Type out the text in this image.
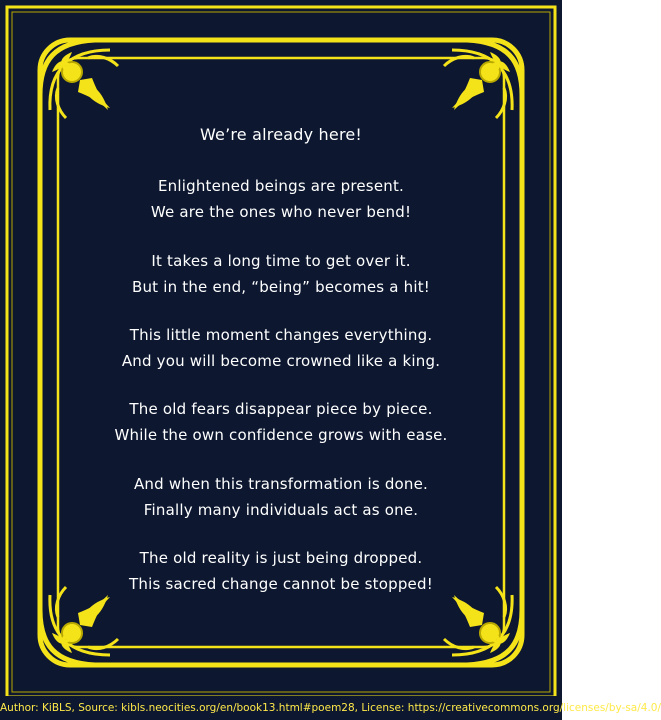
We’re already here!
Enlightened beings are present.
We are the ones who never bend!
It takes a long time to get over it.
But in the end, “being” becomes a hit!
This little moment changes everything.
And you will become crowned like a king.
The old fears disappear piece by piece.
While the own confidence grows with ease.
And when this transformation is done.
Finally many individuals act as one.
The old reality is just being dropped.
This sacred change cannot be stopped!
Author: KiBLS, Source: kibls.neocities.org/en/book13.html#poem28, License: https://creativecommons.org/licenses/by-sa/4.0/
